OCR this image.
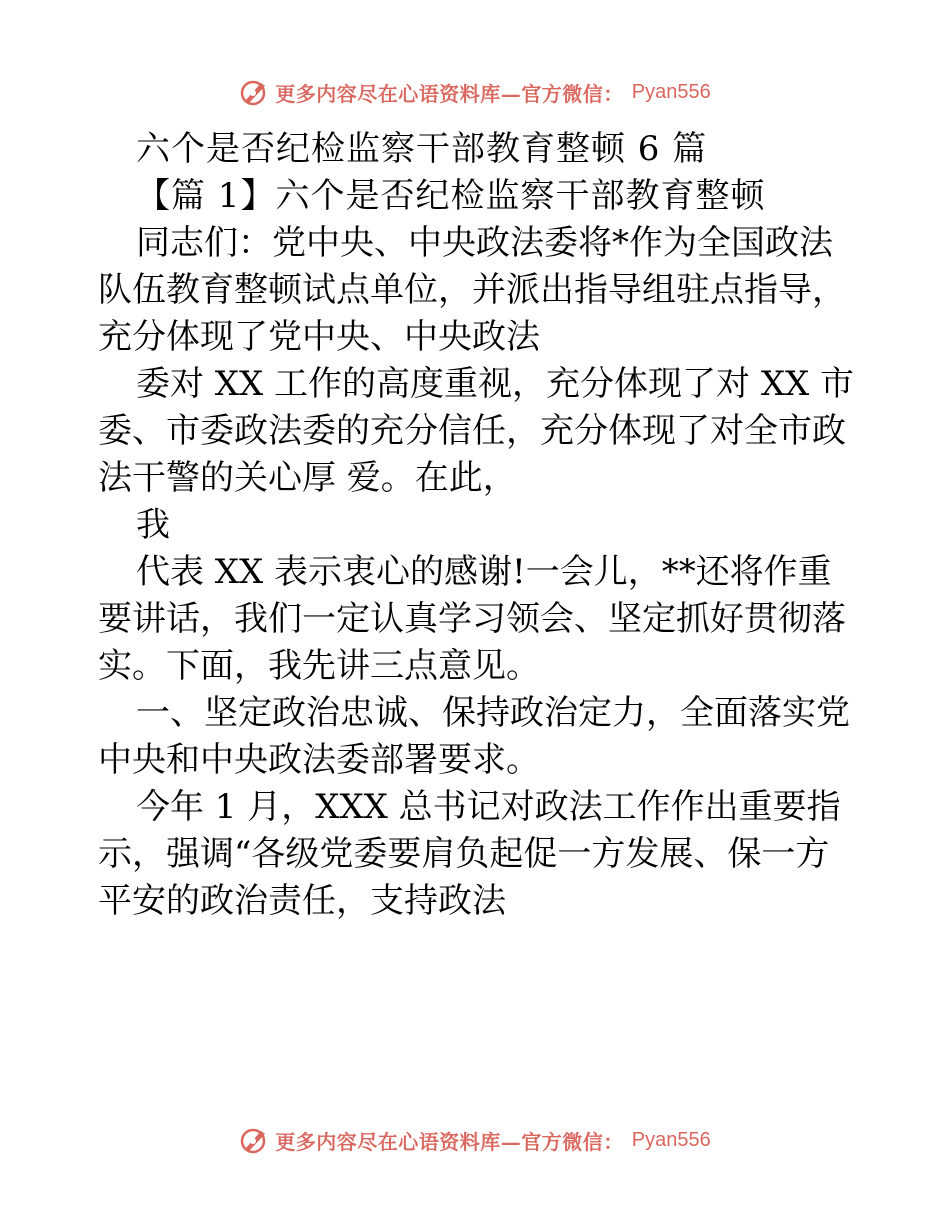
更多内容尽在心语资料库—官方微信： Pyan556
六个是否纪检监察干部教育整顿 6 篇
【篇 1】六个是否纪检监察干部教育整顿
同志们：党中央、中央政法委将*作为全国政法
队伍教育整顿试点单位，并派出指导组驻点指导，
充分体现了党中央、中央政法
委对 XX 工作的高度重视，充分体现了对 XX 市
委、市委政法委的充分信任，充分体现了对全市政
法干警的关心厚 爱。在此，
我
代表 XX 表示衷心的感谢!一会儿，**还将作重
要讲话，我们一定认真学习领会、坚定抓好贯彻落
实。下面，我先讲三点意见。
一、坚定政治忠诚、保持政治定力，全面落实党
中央和中央政法委部署要求。
今年 1 月，XXX 总书记对政法工作作出重要指
示，强调“各级党委要肩负起促一方发展、保一方
平安的政治责任，支持政法
更多内容尽在心语资料库—官方微信： Pyan556
